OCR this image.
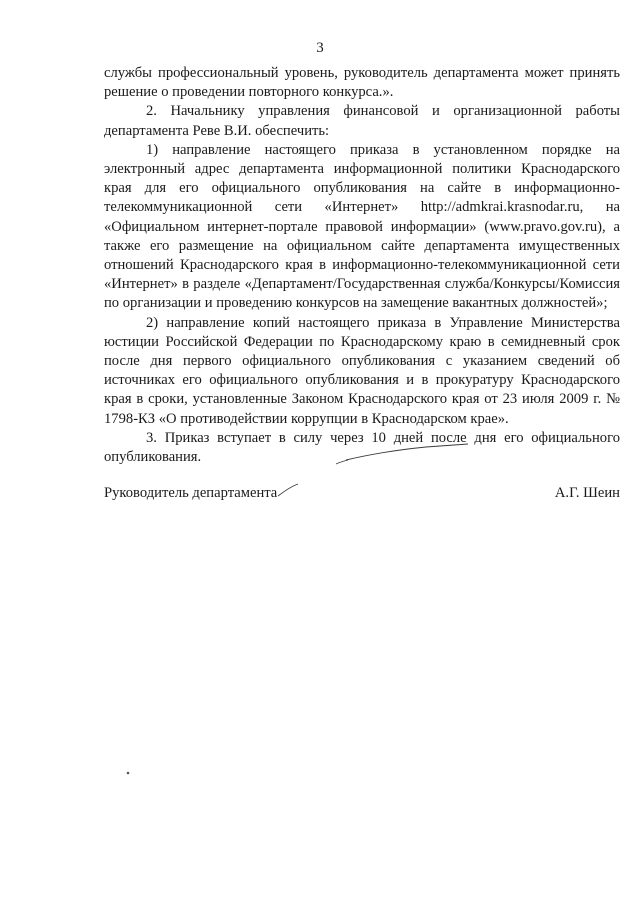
3

службы профессиональный уровень, руководитель департамента может принять решение о проведении повторного конкурса.».

2. Начальнику управления финансовой и организационной работы департамента Реве В.И. обеспечить:

1) направление настоящего приказа в установленном порядке на электронный адрес департамента информационной политики Краснодарского края для его официального опубликования на сайте в информационно-телекоммуникационной сети «Интернет» http://admkrai.krasnodar.ru, на «Официальном интернет-портале правовой информации» (www.pravo.gov.ru), а также его размещение на официальном сайте департамента имущественных отношений Краснодарского края в информационно-телекоммуникационной сети «Интернет» в разделе «Департамент/Государственная служба/Конкурсы/Комиссия по организации и проведению конкурсов на замещение вакантных должностей»;

2) направление копий настоящего приказа в Управление Министерства юстиции Российской Федерации по Краснодарскому краю в семидневный срок после дня первого официального опубликования с указанием сведений об источниках его официального опубликования и в прокуратуру Краснодарского края в сроки, установленные Законом Краснодарского края от 23 июля 2009 г. № 1798-КЗ «О противодействии коррупции в Краснодарском крае».

3. Приказ вступает в силу через 10 дней после дня его официального опубликования.

Руководитель департамента	А.Г. Шеин
